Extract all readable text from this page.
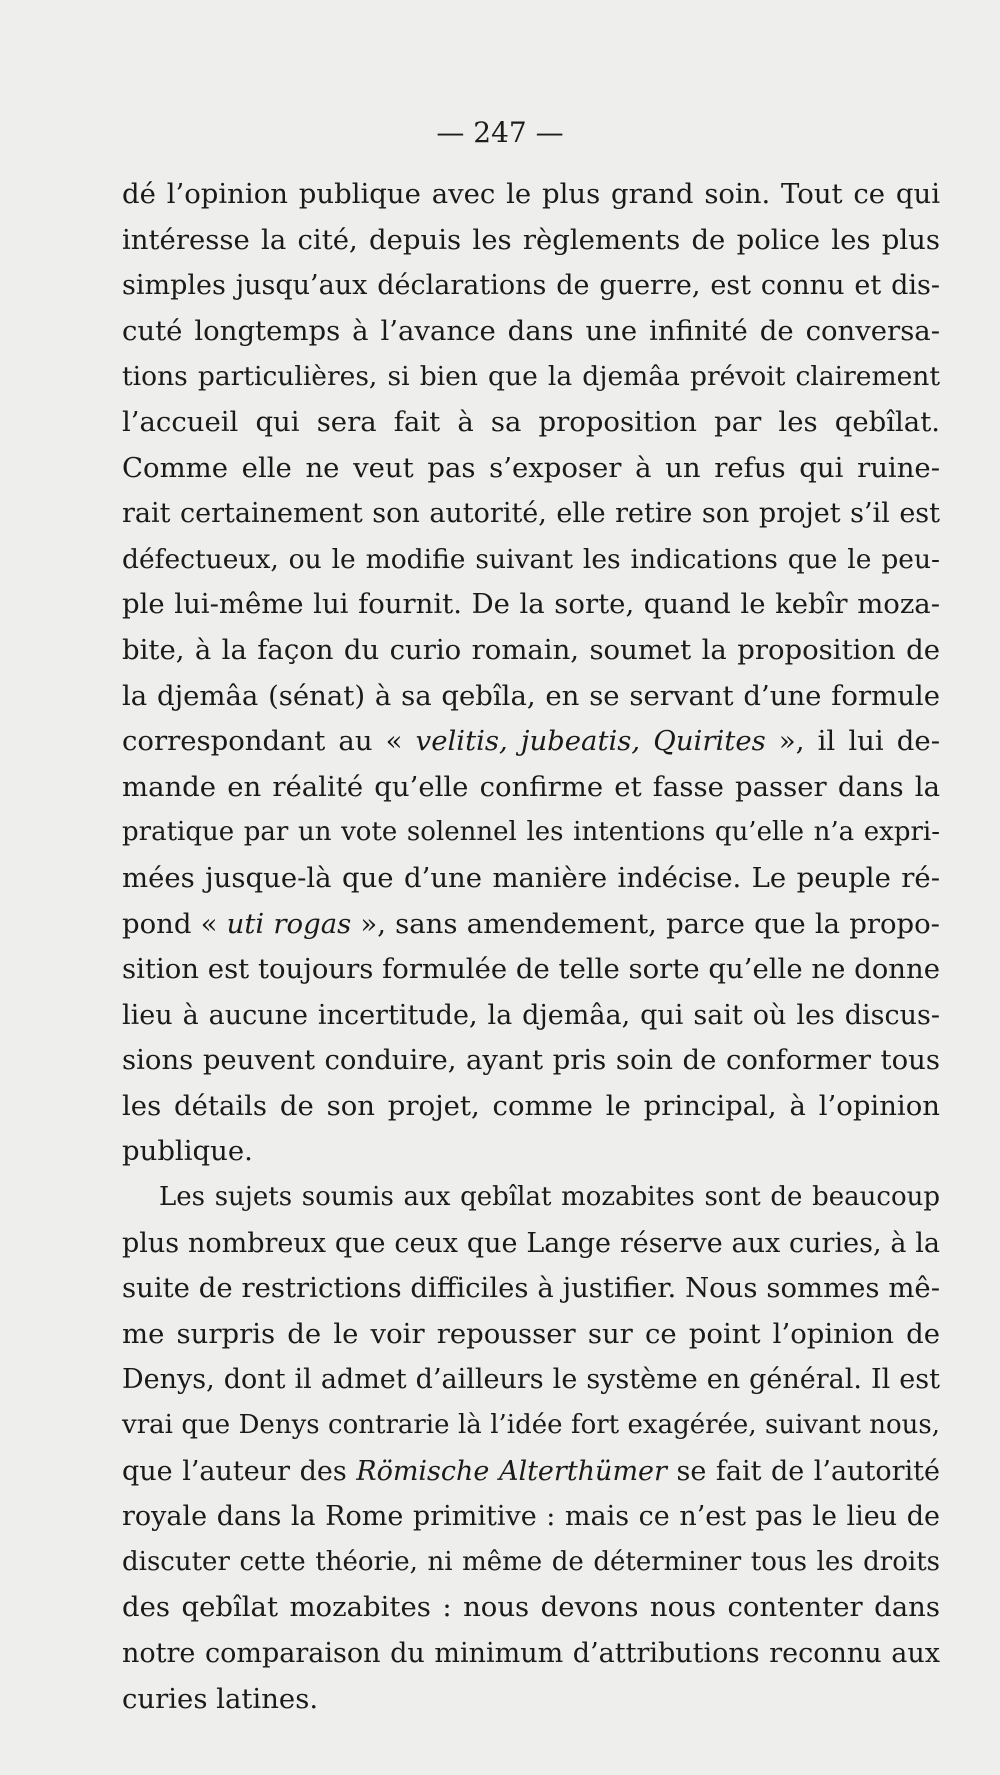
— 247 —
dé l’opinion publique avec le plus grand soin. Tout ce qui
intéresse la cité, depuis les règlements de police les plus
simples jusqu’aux déclarations de guerre, est connu et dis-
cuté longtemps à l’avance dans une infinité de conversa-
tions particulières, si bien que la djemâa prévoit clairement
l’accueil qui sera fait à sa proposition par les qebîlat.
Comme elle ne veut pas s’exposer à un refus qui ruine-
rait certainement son autorité, elle retire son projet s’il est
défectueux, ou le modifie suivant les indications que le peu-
ple lui-même lui fournit. De la sorte, quand le kebîr moza-
bite, à la façon du curio romain, soumet la proposition de
la djemâa (sénat) à sa qebîla, en se servant d’une formule
correspondant au « velitis, jubeatis, Quirites », il lui de-
mande en réalité qu’elle confirme et fasse passer dans la
pratique par un vote solennel les intentions qu’elle n’a expri-
mées jusque-là que d’une manière indécise. Le peuple ré-
pond « uti rogas », sans amendement, parce que la propo-
sition est toujours formulée de telle sorte qu’elle ne donne
lieu à aucune incertitude, la djemâa, qui sait où les discus-
sions peuvent conduire, ayant pris soin de conformer tous
les détails de son projet, comme le principal, à l’opinion
publique.
Les sujets soumis aux qebîlat mozabites sont de beaucoup
plus nombreux que ceux que Lange réserve aux curies, à la
suite de restrictions difficiles à justifier. Nous sommes mê-
me surpris de le voir repousser sur ce point l’opinion de
Denys, dont il admet d’ailleurs le système en général. Il est
vrai que Denys contrarie là l’idée fort exagérée, suivant nous,
que l’auteur des Römische Alterthümer se fait de l’autorité
royale dans la Rome primitive : mais ce n’est pas le lieu de
discuter cette théorie, ni même de déterminer tous les droits
des qebîlat mozabites : nous devons nous contenter dans
notre comparaison du minimum d’attributions reconnu aux
curies latines.
